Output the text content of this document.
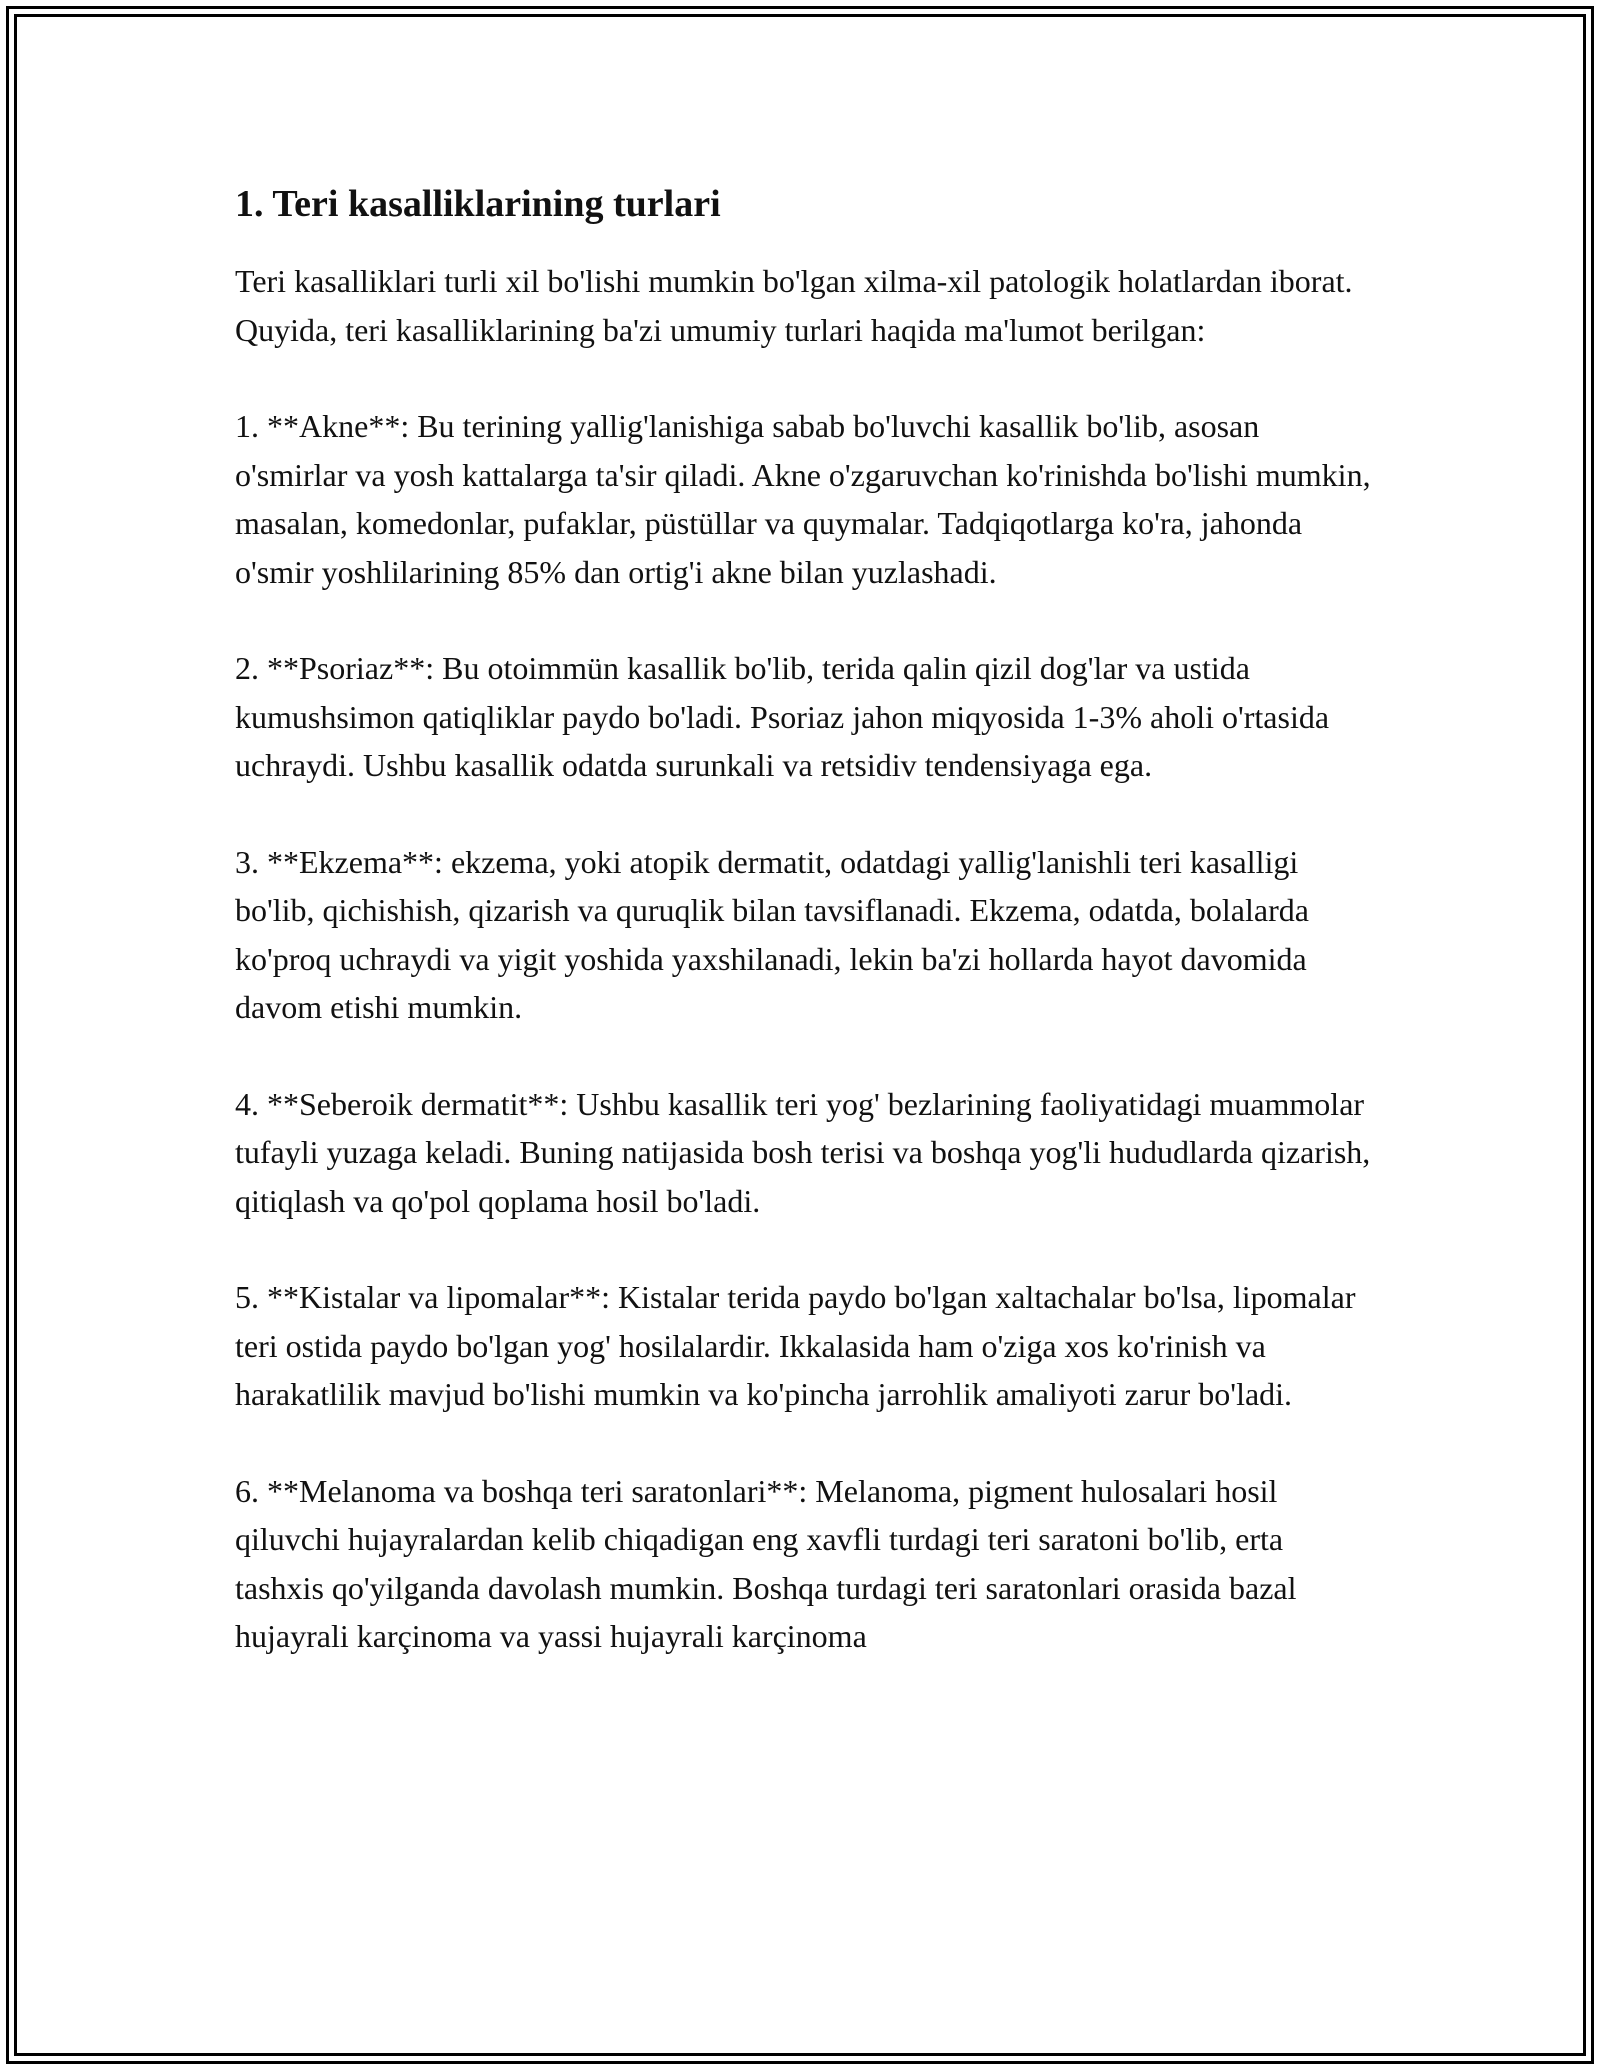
1. Teri kasalliklarining turlari

Teri kasalliklari turli xil bo'lishi mumkin bo'lgan xilma-xil patologik holatlardan iborat. Quyida, teri kasalliklarining ba'zi umumiy turlari haqida ma'lumot berilgan:

1. **Akne**: Bu terining yallig'lanishiga sabab bo'luvchi kasallik bo'lib, asosan o'smirlar va yosh kattalarga ta'sir qiladi. Akne o'zgaruvchan ko'rinishda bo'lishi mumkin, masalan, komedonlar, pufaklar, püstüllar va quymalar. Tadqiqotlarga ko'ra, jahonda o'smir yoshlilarining 85% dan ortig'i akne bilan yuzlashadi.

2. **Psoriaz**: Bu otoimmün kasallik bo'lib, terida qalin qizil dog'lar va ustida kumushsimon qatiqliklar paydo bo'ladi. Psoriaz jahon miqyosida 1-3% aholi o'rtasida uchraydi. Ushbu kasallik odatda surunkali va retsidiv tendensiyaga ega.

3. **Ekzema**: ekzema, yoki atopik dermatit, odatdagi yallig'lanishli teri kasalligi bo'lib, qichishish, qizarish va quruqlik bilan tavsiflanadi. Ekzema, odatda, bolalarda ko'proq uchraydi va yigit yoshida yaxshilanadi, lekin ba'zi hollarda hayot davomida davom etishi mumkin.

4. **Seberoik dermatit**: Ushbu kasallik teri yog' bezlarining faoliyatidagi muammolar tufayli yuzaga keladi. Buning natijasida bosh terisi va boshqa yog'li hududlarda qizarish, qitiqlash va qo'pol qoplama hosil bo'ladi.

5. **Kistalar va lipomalar**: Kistalar terida paydo bo'lgan xaltachalar bo'lsa, lipomalar teri ostida paydo bo'lgan yog' hosilalardir. Ikkalasida ham o'ziga xos ko'rinish va harakatlilik mavjud bo'lishi mumkin va ko'pincha jarrohlik amaliyoti zarur bo'ladi.

6. **Melanoma va boshqa teri saratonlari**: Melanoma, pigment hulosalari hosil qiluvchi hujayralardan kelib chiqadigan eng xavfli turdagi teri saratoni bo'lib, erta tashxis qo'yilganda davolash mumkin. Boshqa turdagi teri saratonlari orasida bazal hujayrali karçinoma va yassi hujayrali karçinoma
